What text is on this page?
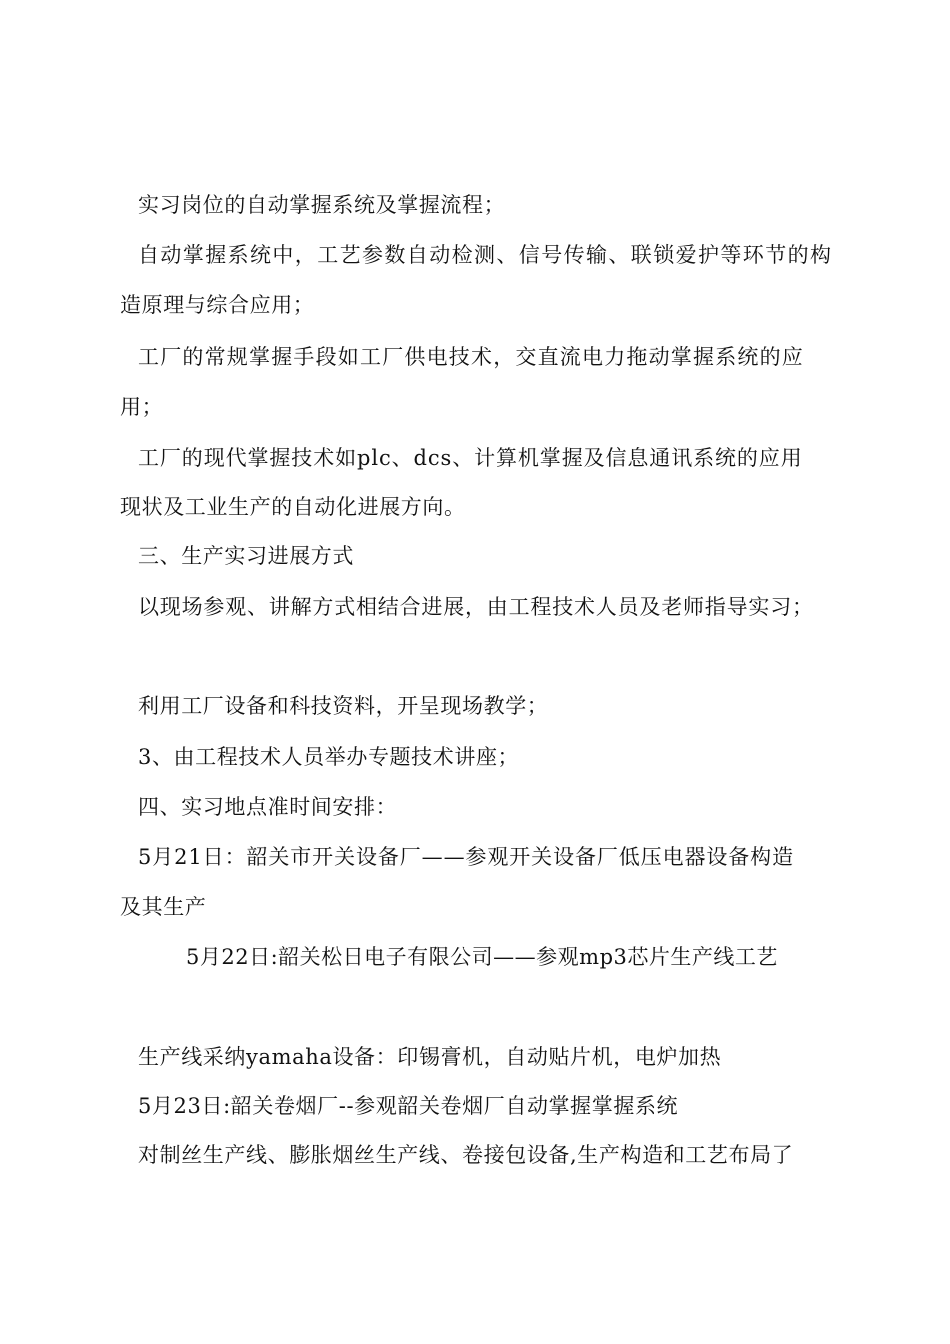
实习岗位的自动掌握系统及掌握流程；
自动掌握系统中，工艺参数自动检测、信号传输、联锁爱护等环节的构
造原理与综合应用；
工厂的常规掌握手段如工厂供电技术，交直流电力拖动掌握系统的应
用；
工厂的现代掌握技术如plc、dcs、计算机掌握及信息通讯系统的应用
现状及工业生产的自动化进展方向。
三、生产实习进展方式
以现场参观、讲解方式相结合进展，由工程技术人员及老师指导实习；
利用工厂设备和科技资料，开呈现场教学；
3、由工程技术人员举办专题技术讲座；
四、实习地点准时间安排：
5月21日：韶关市开关设备厂——参观开关设备厂低压电器设备构造
及其生产
5月22日:韶关松日电子有限公司——参观mp3芯片生产线工艺
生产线采纳yamaha设备：印锡膏机，自动贴片机，电炉加热
5月23日:韶关卷烟厂--参观韶关卷烟厂自动掌握掌握系统
对制丝生产线、膨胀烟丝生产线、卷接包设备,生产构造和工艺布局了
